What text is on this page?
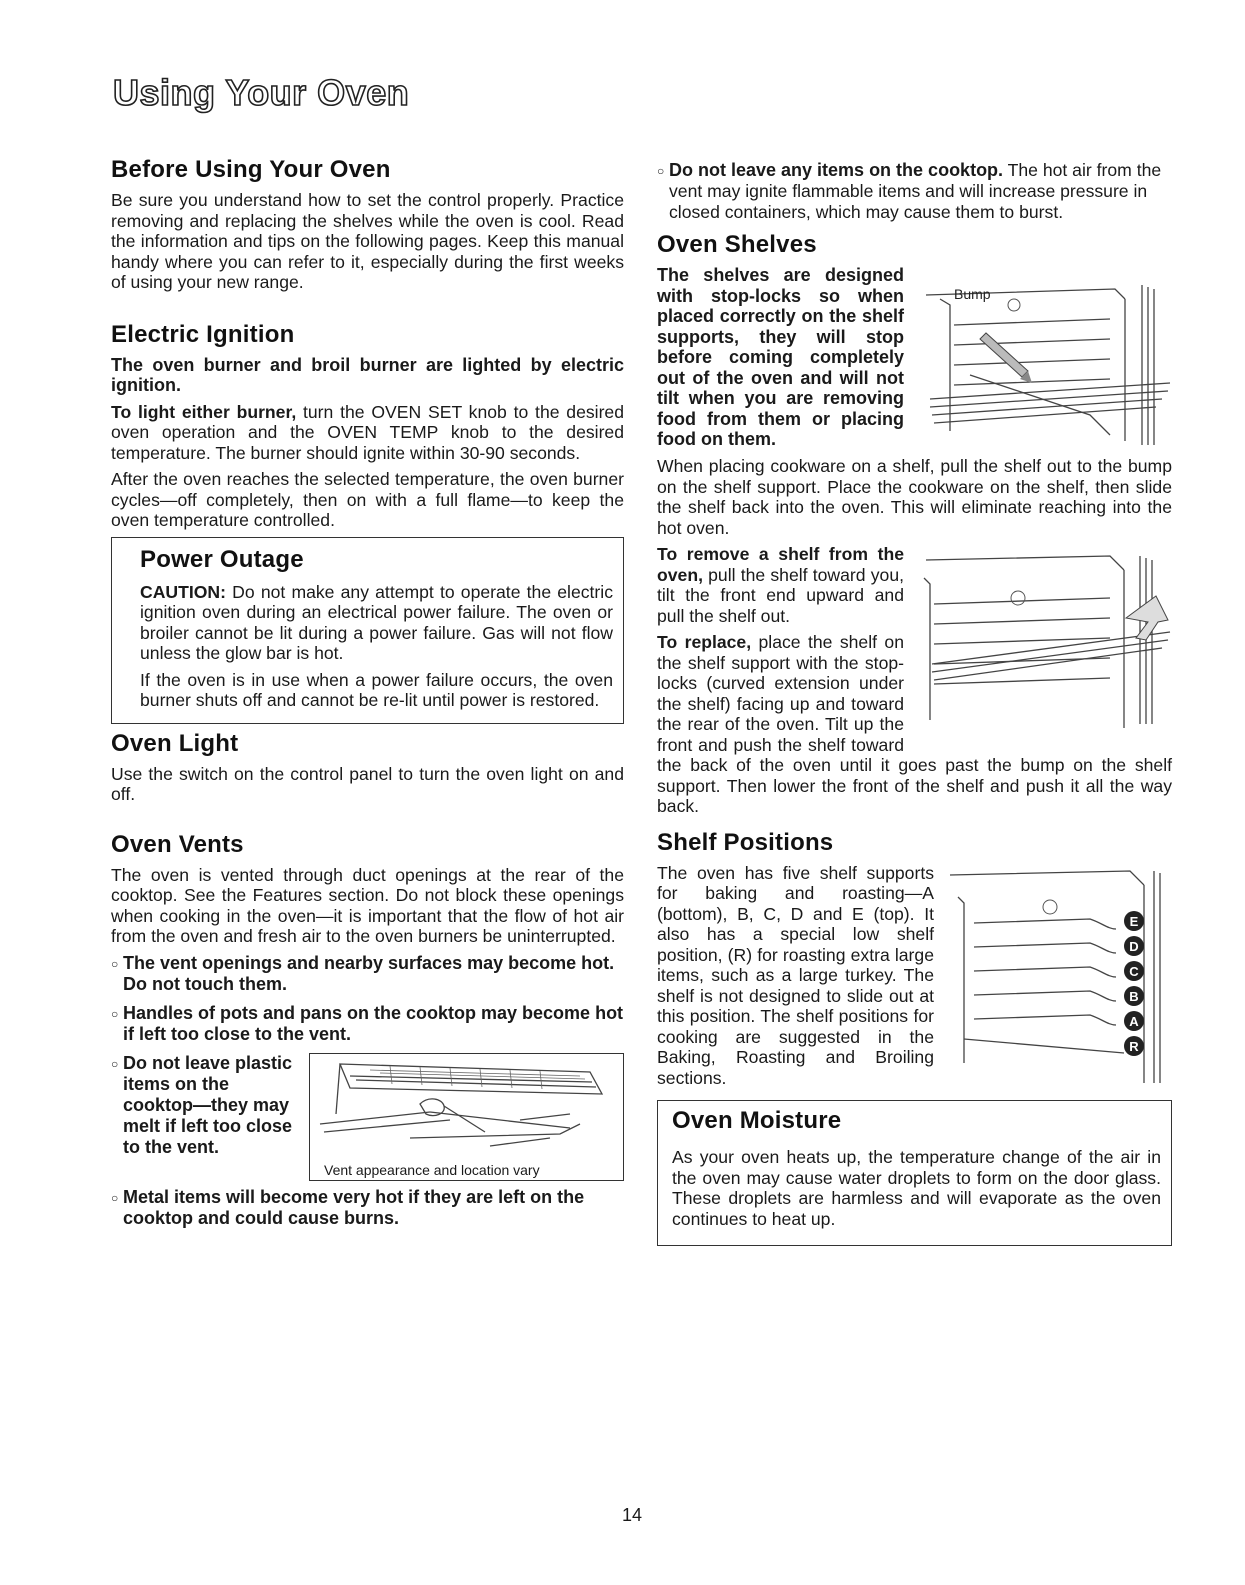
Using Your Oven
Before Using Your Oven

Be sure you understand how to set the control properly. Practice removing and replacing the shelves while the oven is cool. Read the information and tips on the following pages. Keep this manual handy where you can refer to it, especially during the first weeks of using your new range.

Electric Ignition

The oven burner and broil burner are lighted by electric ignition.

To light either burner, turn the OVEN SET knob to the desired oven operation and the OVEN TEMP knob to the desired temperature. The burner should ignite within 30-90 seconds.

After the oven reaches the selected temperature, the oven burner cycles—off completely, then on with a full flame—to keep the oven temperature controlled.

Power Outage

CAUTION: Do not make any attempt to operate the electric ignition oven during an electrical power failure. The oven or broiler cannot be lit during a power failure. Gas will not flow unless the glow bar is hot.

If the oven is in use when a power failure occurs, the oven burner shuts off and cannot be re-lit until power is restored.

Oven Light

Use the switch on the control panel to turn the oven light on and off.

Oven Vents

The oven is vented through duct openings at the rear of the cooktop. See the Features section. Do not block these openings when cooking in the oven—it is important that the flow of hot air from the oven and fresh air to the oven burners be uninterrupted.

○ The vent openings and nearby surfaces may become hot. Do not touch them.
○ Handles of pots and pans on the cooktop may become hot if left too close to the vent.
○ Do not leave plastic items on the cooktop—they may melt if left too close to the vent.
Vent appearance and location vary
○ Metal items will become very hot if they are left on the cooktop and could cause burns.
○ Do not leave any items on the cooktop. The hot air from the vent may ignite flammable items and will increase pressure in closed containers, which may cause them to burst.
Oven Shelves
Bump

The shelves are designed with stop-locks so when placed correctly on the shelf supports, they will stop before coming completely out of the oven and will not tilt when you are removing food from them or placing food on them.

When placing cookware on a shelf, pull the shelf out to the bump on the shelf support. Place the cookware on the shelf, then slide the shelf back into the oven. This will eliminate reaching into the hot oven.

To remove a shelf from the oven, pull the shelf toward you, tilt the front end upward and pull the shelf out.

To replace, place the shelf on the shelf support with the stop-locks (curved extension under the shelf) facing up and toward the rear of the oven. Tilt up the front and push the shelf toward the back of the oven until it goes past the bump on the shelf support. Then lower the front of the shelf and push it all the way back.

Shelf Positions
E
D
C
B
A
R

The oven has five shelf supports for baking and roasting—A (bottom), B, C, D and E (top). It also has a special low shelf position, (R) for roasting extra large items, such as a large turkey. The shelf is not designed to slide out at this position. The shelf positions for cooking are suggested in the Baking, Roasting and Broiling sections.

Oven Moisture

As your oven heats up, the temperature change of the air in the oven may cause water droplets to form on the door glass. These droplets are harmless and will evaporate as the oven continues to heat up.

14
